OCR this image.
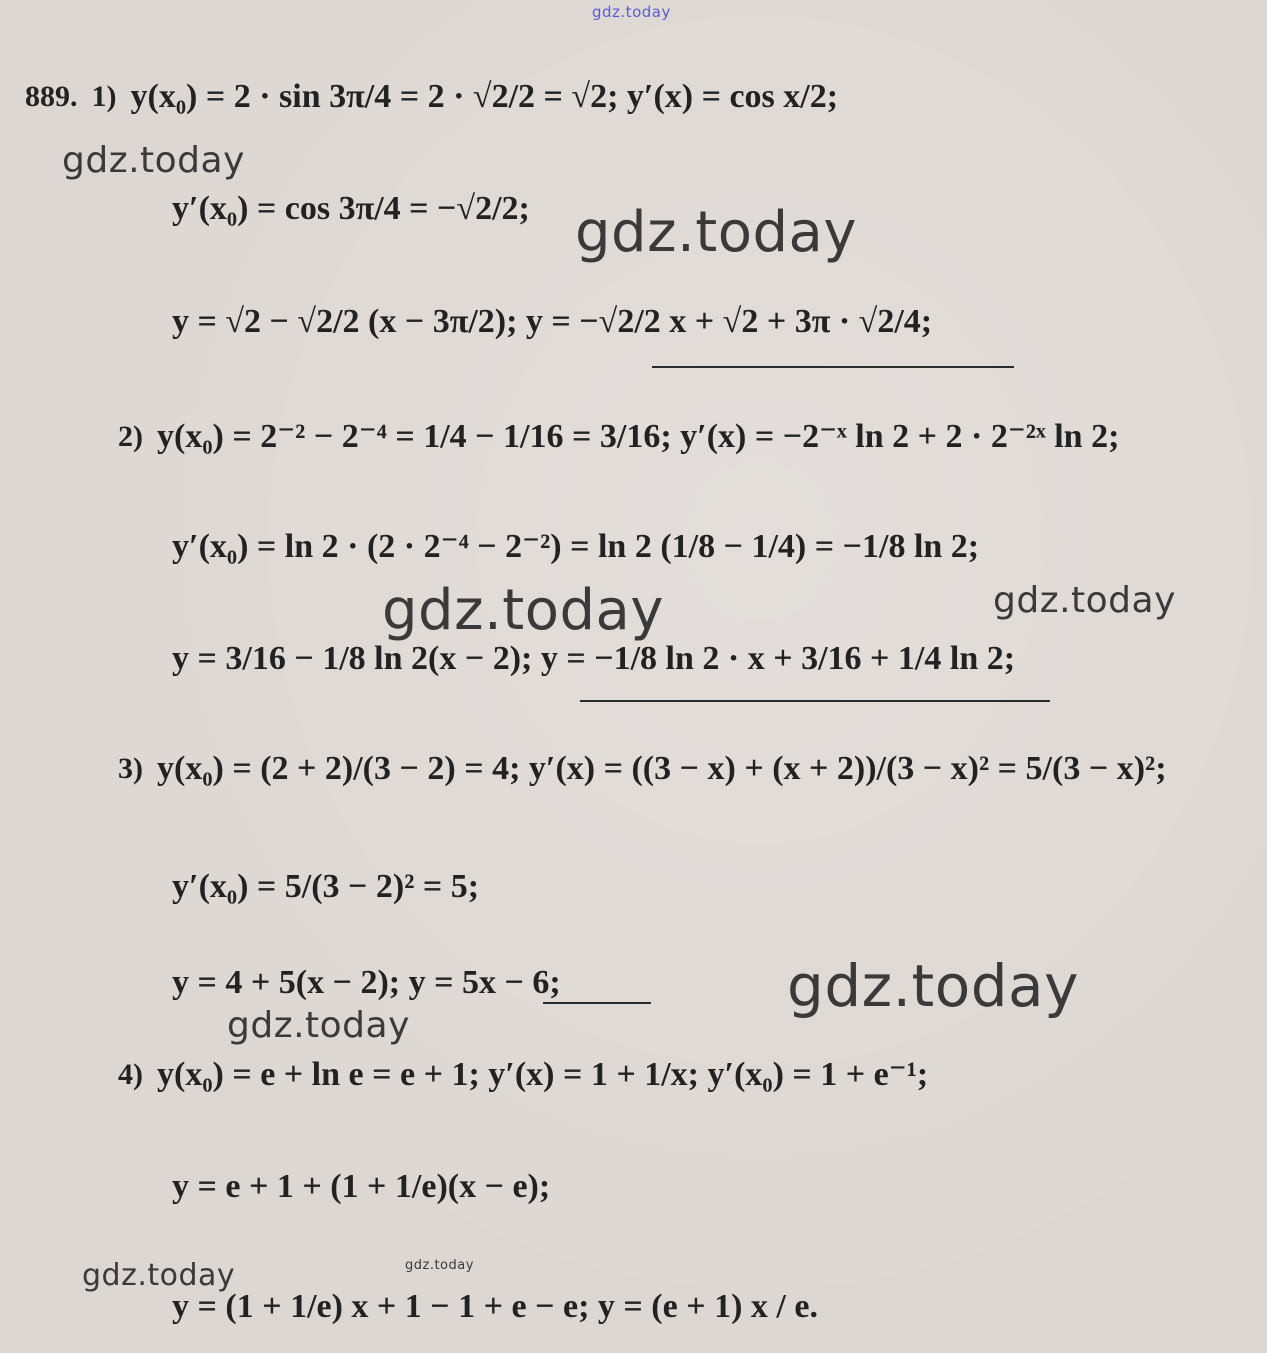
gdz.today
gdz.today
gdz.today
gdz.today	gdz.today
gdz.today
gdz.today
gdz.today	gdz.today
889. 1) y(x₀) = 2 · sin 3π/4 = 2 · √2/2 = √2; y′(x) = cos x/2;
y′(x₀) = cos 3π/4 = −√2/2;
y = √2 − √2/2 (x − 3π/2); y = −√2/2 x + √2 + 3π · √2/4;
2) y(x₀) = 2⁻² − 2⁻⁴ = 1/4 − 1/16 = 3/16; y′(x) = −2⁻ˣ ln 2 + 2 · 2⁻²ˣ ln 2;
y′(x₀) = ln 2 · (2 · 2⁻⁴ − 2⁻²) = ln 2 (1/8 − 1/4) = −1/8 ln 2;
y = 3/16 − 1/8 ln 2(x − 2); y = −1/8 ln 2 · x + 3/16 + 1/4 ln 2;
3) y(x₀) = (2 + 2)/(3 − 2) = 4; y′(x) = ((3 − x) + (x + 2))/(3 − x)² = 5/(3 − x)²;
y′(x₀) = 5/(3 − 2)² = 5;
y = 4 + 5(x − 2); y = 5x − 6;
4) y(x₀) = e + ln e = e + 1; y′(x) = 1 + 1/x; y′(x₀) = 1 + e⁻¹;
y = e + 1 + (1 + 1/e)(x − e);
y = (1 + 1/e) x + 1 − 1 + e − e; y = (e + 1) x / e.
